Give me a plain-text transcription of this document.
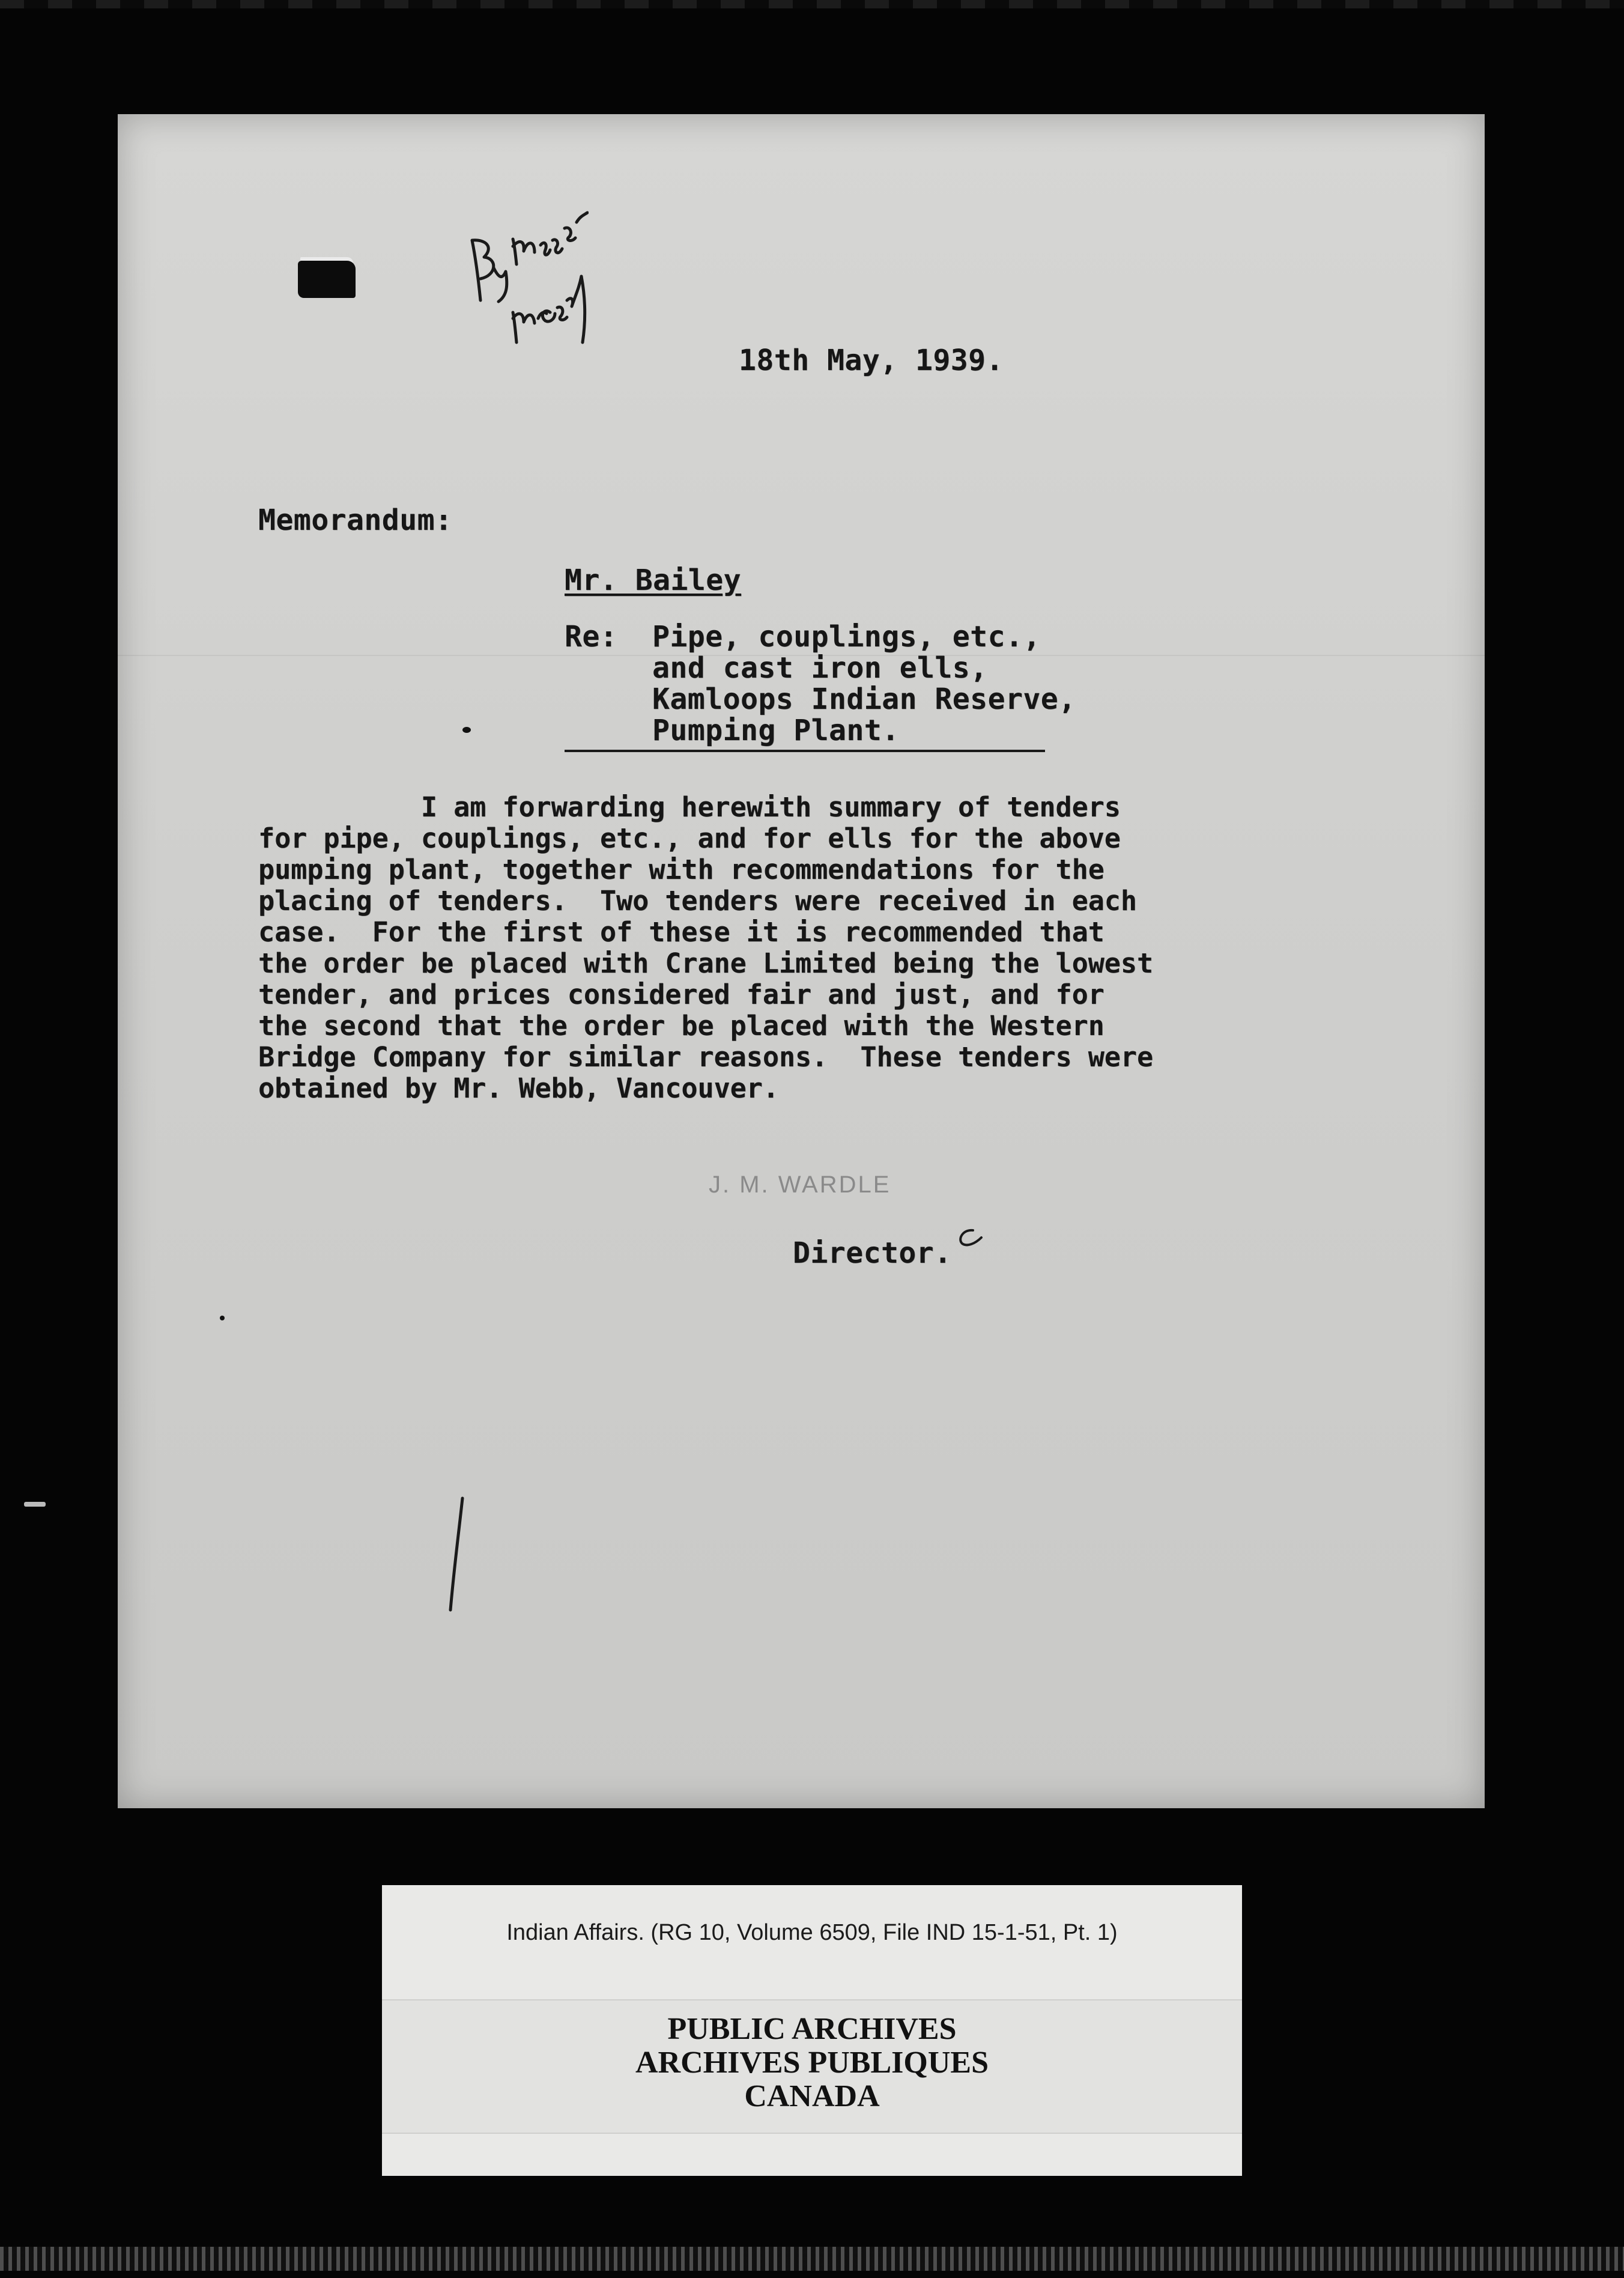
18th May, 1939.
Memorandum:
Mr. Bailey
Re: Pipe, couplings, etc.,
and cast iron ells,
Kamloops Indian Reserve,
Pumping Plant.
I am forwarding herewith summary of tenders
for pipe, couplings, etc., and for ells for the above
pumping plant, together with recommendations for the
placing of tenders.  Two tenders were received in each
case.  For the first of these it is recommended that
the order be placed with Crane Limited being the lowest
tender, and prices considered fair and just, and for
the second that the order be placed with the Western
Bridge Company for similar reasons.  These tenders were
obtained by Mr. Webb, Vancouver.
J. M. WARDLE
Director.
Indian Affairs. (RG 10, Volume 6509, File IND 15-1-51, Pt. 1)
PUBLIC ARCHIVES
ARCHIVES PUBLIQUES
CANADA
